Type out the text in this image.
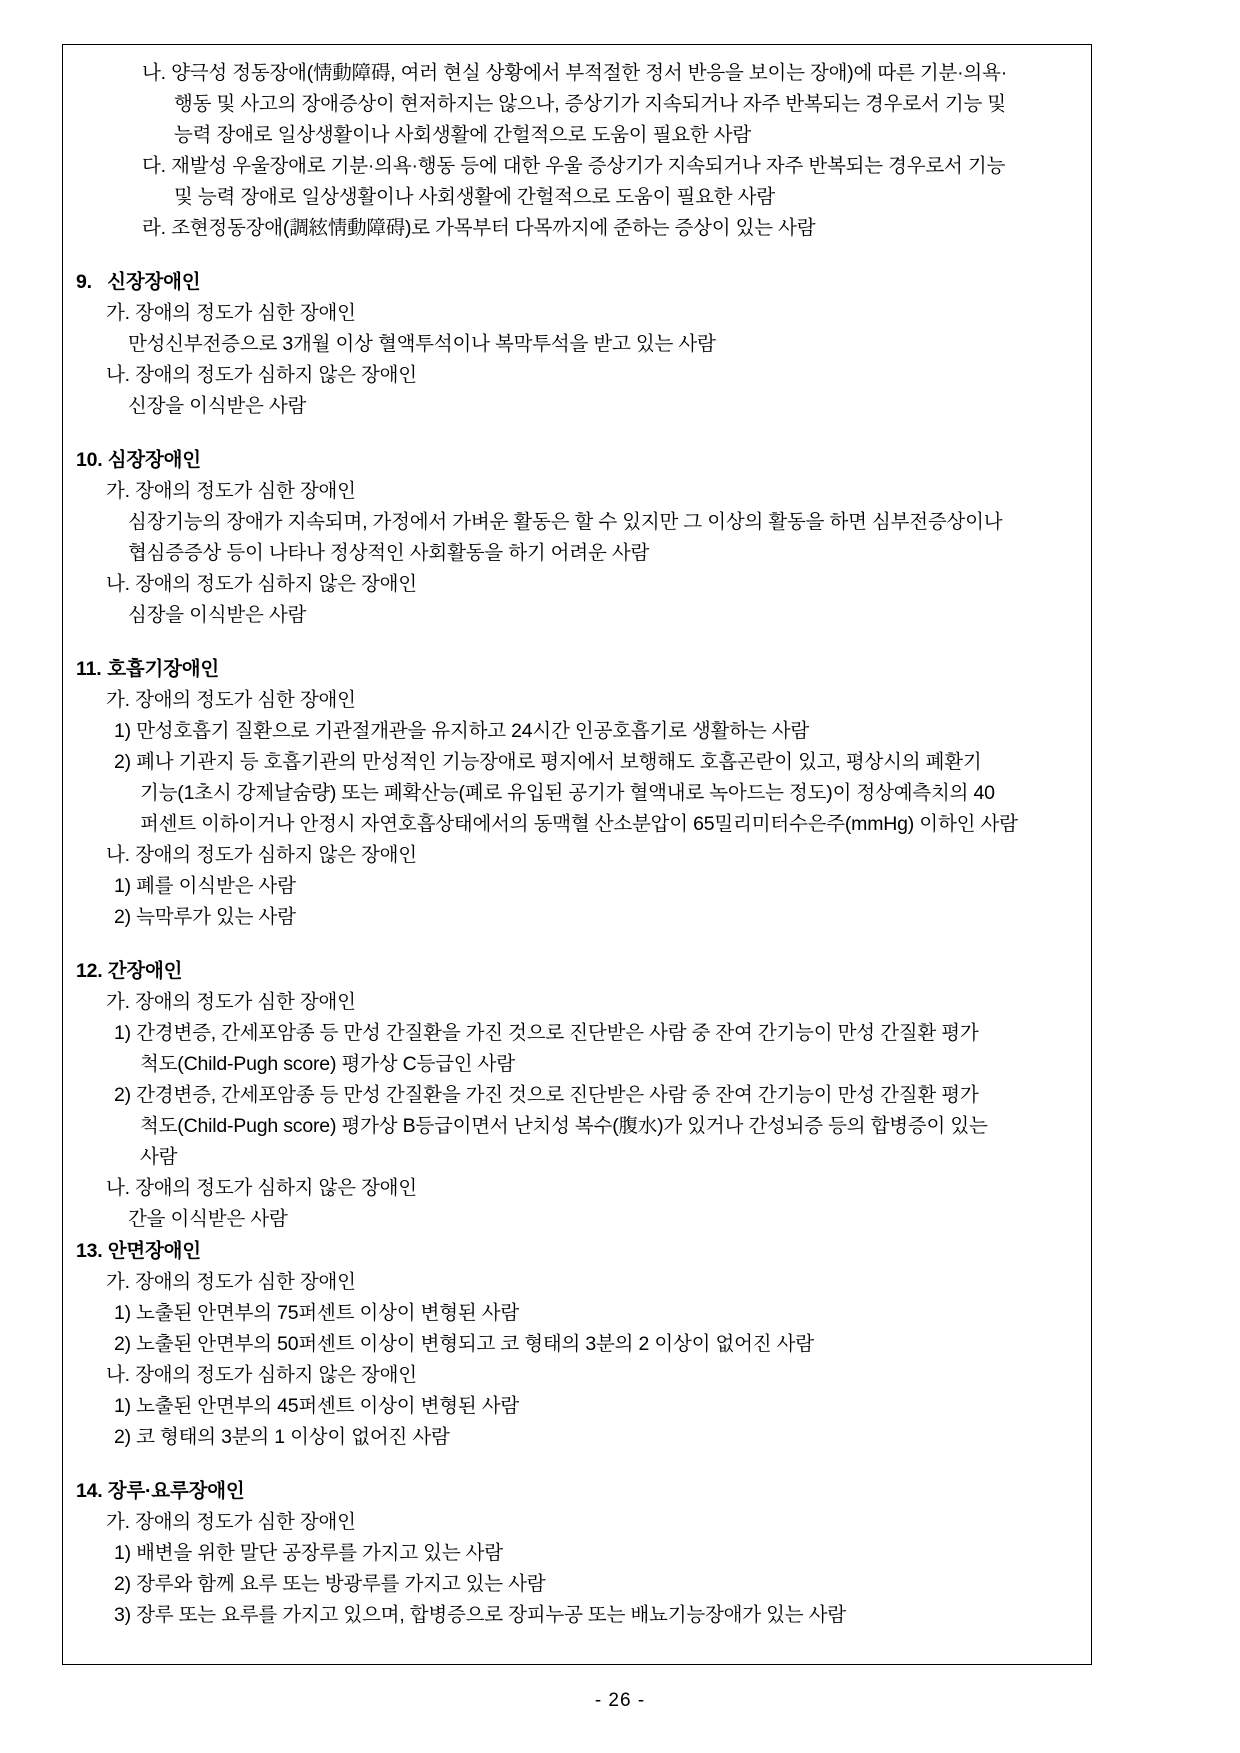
나. 양극성 정동장애(情動障碍, 여러 현실 상황에서 부적절한 정서 반응을 보이는 장애)에 따른 기분·의욕·

행동 및 사고의 장애증상이 현저하지는 않으나, 증상기가 지속되거나 자주 반복되는 경우로서 기능 및

능력 장애로 일상생활이나 사회생활에 간헐적으로 도움이 필요한 사람

다. 재발성 우울장애로 기분·의욕·행동 등에 대한 우울 증상기가 지속되거나 자주 반복되는 경우로서 기능

및 능력 장애로 일상생활이나 사회생활에 간헐적으로 도움이 필요한 사람

라. 조현정동장애(調絃情動障碍)로 가목부터 다목까지에 준하는 증상이 있는 사람

9. 신장장애인

가. 장애의 정도가 심한 장애인

만성신부전증으로 3개월 이상 혈액투석이나 복막투석을 받고 있는 사람

나. 장애의 정도가 심하지 않은 장애인

신장을 이식받은 사람

10. 심장장애인

가. 장애의 정도가 심한 장애인

심장기능의 장애가 지속되며, 가정에서 가벼운 활동은 할 수 있지만 그 이상의 활동을 하면 심부전증상이나

협심증증상 등이 나타나 정상적인 사회활동을 하기 어려운 사람

나. 장애의 정도가 심하지 않은 장애인

심장을 이식받은 사람

11. 호흡기장애인

가. 장애의 정도가 심한 장애인

1) 만성호흡기 질환으로 기관절개관을 유지하고 24시간 인공호흡기로 생활하는 사람

2) 폐나 기관지 등 호흡기관의 만성적인 기능장애로 평지에서 보행해도 호흡곤란이 있고, 평상시의 폐환기

기능(1초시 강제날숨량) 또는 폐확산능(폐로 유입된 공기가 혈액내로 녹아드는 정도)이 정상예측치의 40

퍼센트 이하이거나 안정시 자연호흡상태에서의 동맥혈 산소분압이 65밀리미터수은주(mmHg) 이하인 사람

나. 장애의 정도가 심하지 않은 장애인

1) 폐를 이식받은 사람

2) 늑막루가 있는 사람

12. 간장애인

가. 장애의 정도가 심한 장애인

1) 간경변증, 간세포암종 등 만성 간질환을 가진 것으로 진단받은 사람 중 잔여 간기능이 만성 간질환 평가

척도(Child-Pugh score) 평가상 C등급인 사람

2) 간경변증, 간세포암종 등 만성 간질환을 가진 것으로 진단받은 사람 중 잔여 간기능이 만성 간질환 평가

척도(Child-Pugh score) 평가상 B등급이면서 난치성 복수(腹水)가 있거나 간성뇌증 등의 합병증이 있는

사람

나. 장애의 정도가 심하지 않은 장애인

간을 이식받은 사람

13. 안면장애인

가. 장애의 정도가 심한 장애인

1) 노출된 안면부의 75퍼센트 이상이 변형된 사람

2) 노출된 안면부의 50퍼센트 이상이 변형되고 코 형태의 3분의 2 이상이 없어진 사람

나. 장애의 정도가 심하지 않은 장애인

1) 노출된 안면부의 45퍼센트 이상이 변형된 사람

2) 코 형태의 3분의 1 이상이 없어진 사람

14. 장루·요루장애인

가. 장애의 정도가 심한 장애인

1) 배변을 위한 말단 공장루를 가지고 있는 사람

2) 장루와 함께 요루 또는 방광루를 가지고 있는 사람

3) 장루 또는 요루를 가지고 있으며, 합병증으로 장피누공 또는 배뇨기능장애가 있는 사람

- 26 -
